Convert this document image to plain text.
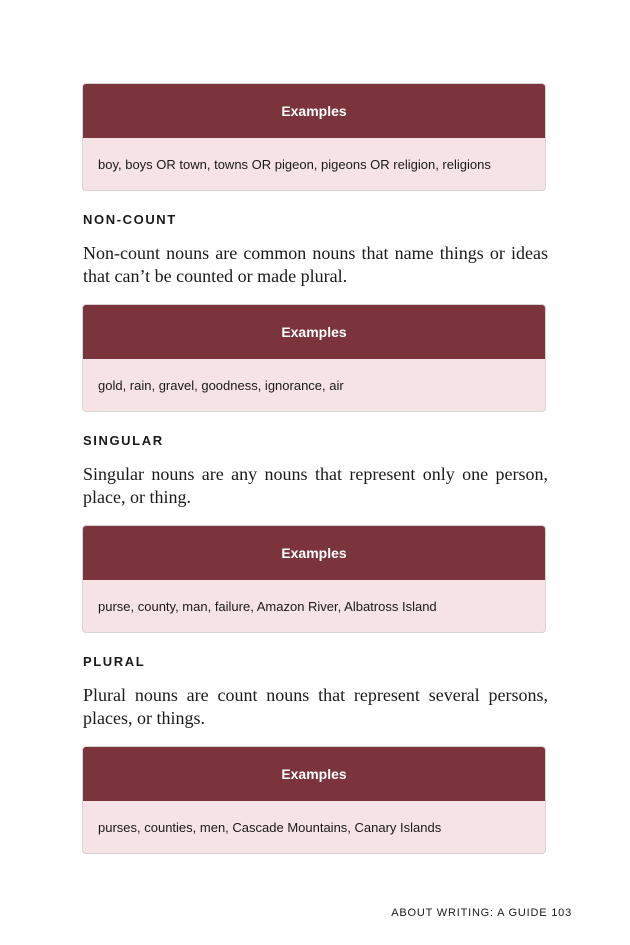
Examples
boy, boys OR town, towns OR pigeon, pigeons OR religion, religions
NON-COUNT

Non-count nouns are common nouns that name things or ideas that can’t be counted or made plural.

Examples
gold, rain, gravel, goodness, ignorance, air
SINGULAR

Singular nouns are any nouns that represent only one person, place, or thing.

Examples
purse, county, man, failure, Amazon River, Albatross Island
PLURAL

Plural nouns are count nouns that represent several persons, places, or things.

Examples
purses, counties, men, Cascade Mountains, Canary Islands
ABOUT WRITING: A GUIDE 103
